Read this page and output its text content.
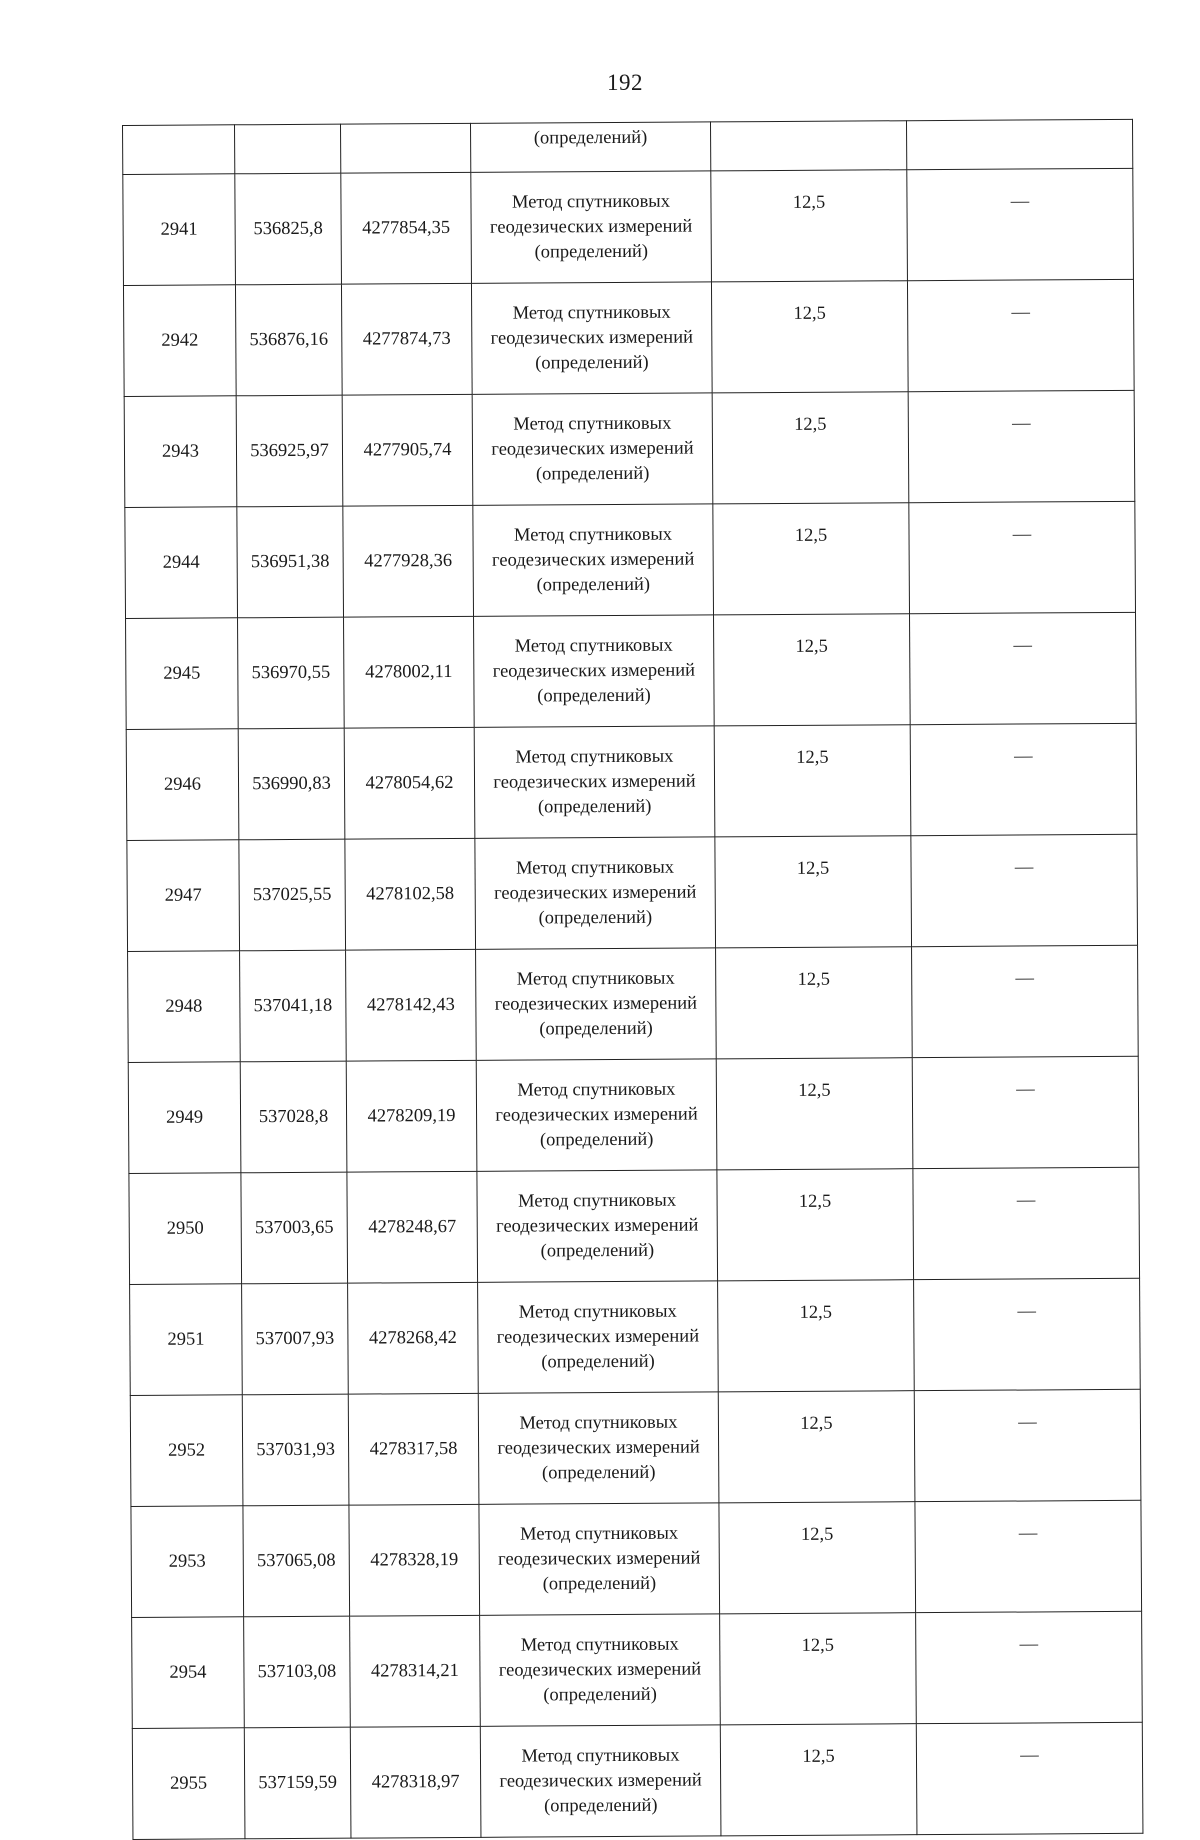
192
			(определений)		
2941	536825,8	4277854,35	Метод спутниковых
геодезических измерений
(определений)	12,5	—
2942	536876,16	4277874,73	Метод спутниковых
геодезических измерений
(определений)	12,5	—
2943	536925,97	4277905,74	Метод спутниковых
геодезических измерений
(определений)	12,5	—
2944	536951,38	4277928,36	Метод спутниковых
геодезических измерений
(определений)	12,5	—
2945	536970,55	4278002,11	Метод спутниковых
геодезических измерений
(определений)	12,5	—
2946	536990,83	4278054,62	Метод спутниковых
геодезических измерений
(определений)	12,5	—
2947	537025,55	4278102,58	Метод спутниковых
геодезических измерений
(определений)	12,5	—
2948	537041,18	4278142,43	Метод спутниковых
геодезических измерений
(определений)	12,5	—
2949	537028,8	4278209,19	Метод спутниковых
геодезических измерений
(определений)	12,5	—
2950	537003,65	4278248,67	Метод спутниковых
геодезических измерений
(определений)	12,5	—
2951	537007,93	4278268,42	Метод спутниковых
геодезических измерений
(определений)	12,5	—
2952	537031,93	4278317,58	Метод спутниковых
геодезических измерений
(определений)	12,5	—
2953	537065,08	4278328,19	Метод спутниковых
геодезических измерений
(определений)	12,5	—
2954	537103,08	4278314,21	Метод спутниковых
геодезических измерений
(определений)	12,5	—
2955	537159,59	4278318,97	Метод спутниковых
геодезических измерений
(определений)	12,5	—
